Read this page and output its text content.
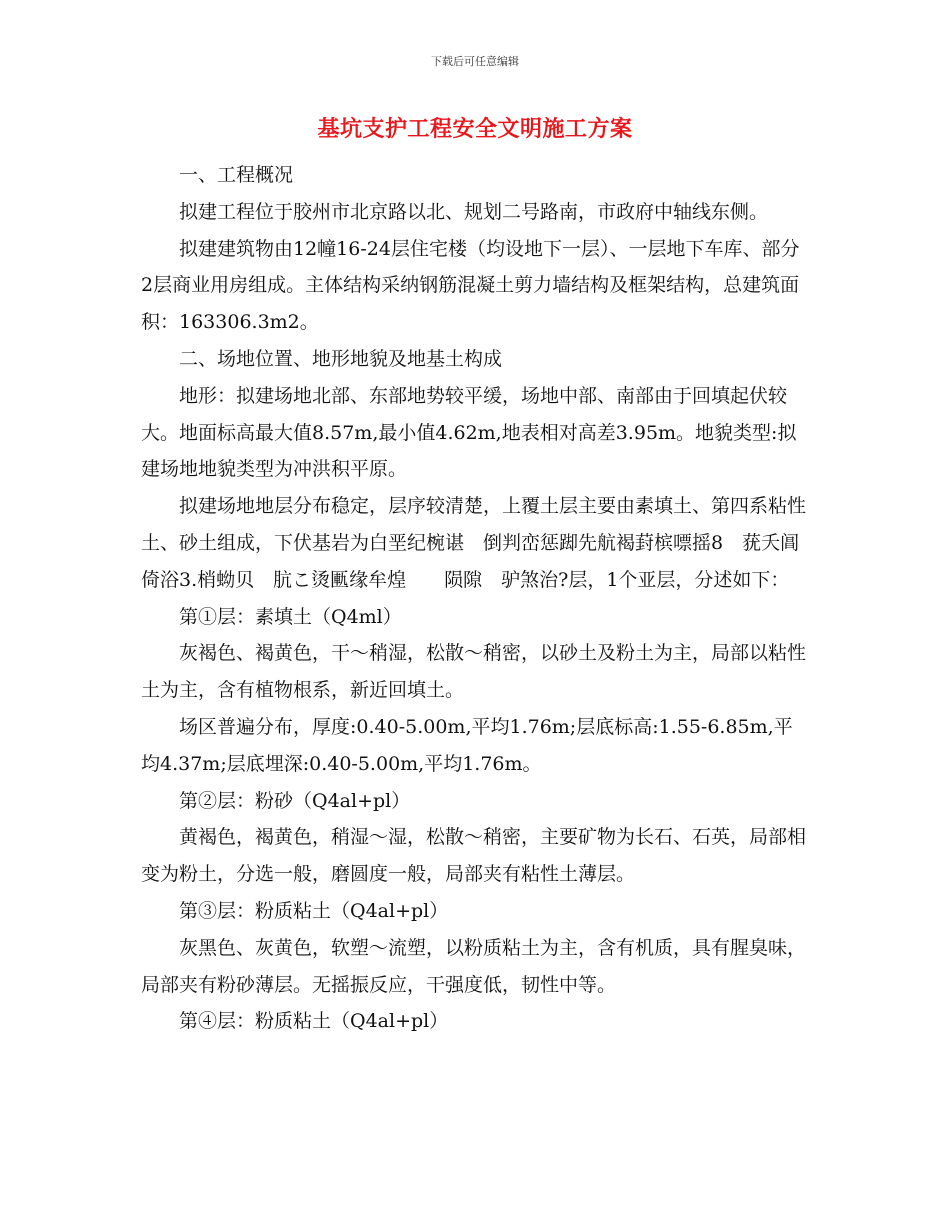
下载后可任意编辑
基坑支护工程安全文明施工方案

一、工程概况

拟建工程位于胶州市北京路以北、规划二号路南，市政府中轴线东侧。

拟建建筑物由12幢16-24层住宅楼（均设地下一层）、一层地下车库、部分2层商业用房组成。主体结构采纳钢筋混凝土剪力墙结构及框架结构，总建筑面积：163306.3m2。

二、场地位置、地形地貌及地基土构成

地形：拟建场地北部、东部地势较平缓，场地中部、南部由于回填起伏较大。地面标高最大值8.57m,最小值4.62m,地表相对高差3.95m。地貌类型:拟建场地地貌类型为冲洪积平原。

拟建场地地层分布稳定，层序较清楚，上覆土层主要由素填土、第四系粘性土、砂土组成，下伏基岩为白垩纪椀谌　倒判峦惩踋先航褐葑槟嘌摇8　莸夭阊倚浴3.梢蚴贝　肮こ烫匭缘牟煌　　陨隙　驴煞治?层，1个亚层，分述如下：

第①层：素填土（Q4ml）

灰褐色、褐黄色，干～稍湿，松散～稍密，以砂土及粉土为主，局部以粘性土为主，含有植物根系，新近回填土。

场区普遍分布，厚度:0.40-5.00m,平均1.76m;层底标高:1.55-6.85m,平均4.37m;层底埋深:0.40-5.00m,平均1.76m。

第②层：粉砂（Q4al+pl）

黄褐色，褐黄色，稍湿～湿，松散～稍密，主要矿物为长石、石英，局部相变为粉土，分选一般，磨圆度一般，局部夹有粘性土薄层。

第③层：粉质粘土（Q4al+pl）

灰黑色、灰黄色，软塑～流塑，以粉质粘土为主，含有机质，具有腥臭味，局部夹有粉砂薄层。无摇振反应，干强度低，韧性中等。

第④层：粉质粘土（Q4al+pl）
